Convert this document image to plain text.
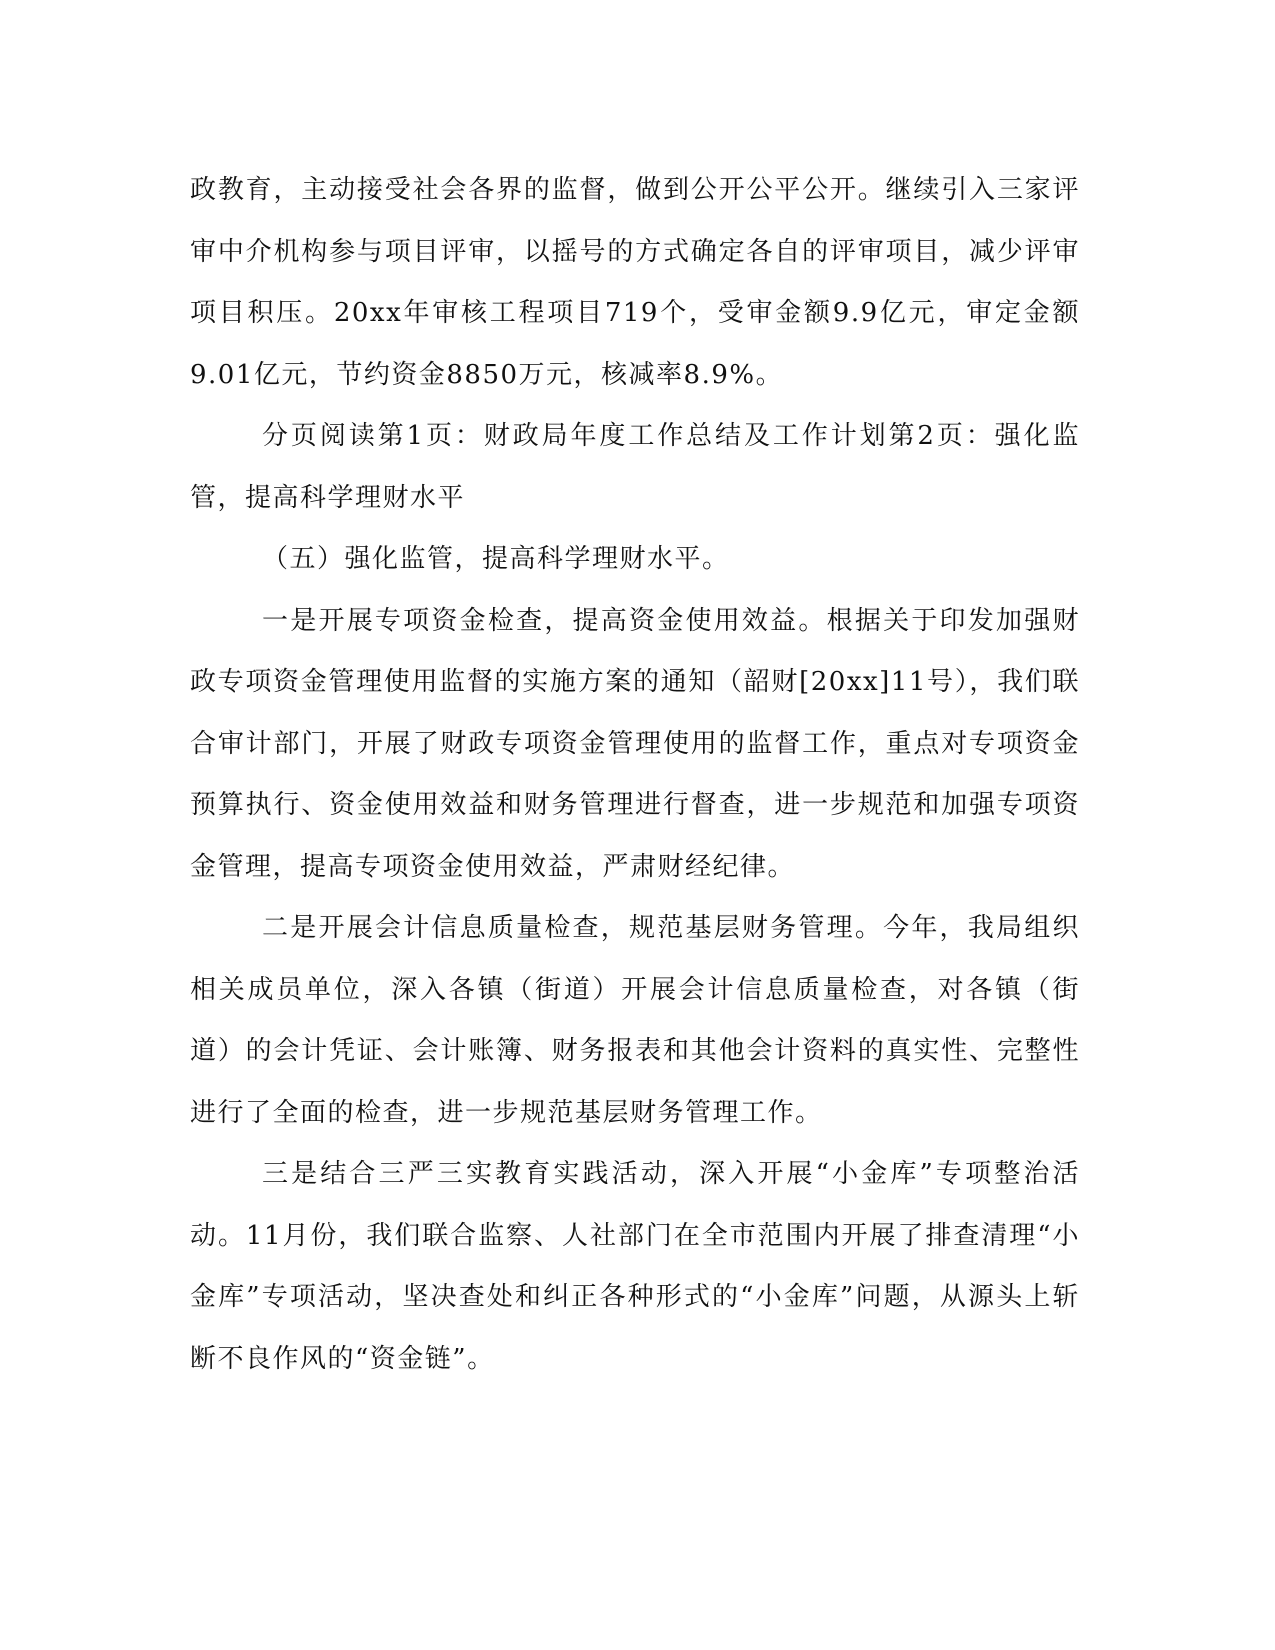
政教育，主动接受社会各界的监督，做到公开公平公开。继续引入三家评审中介机构参与项目评审，以摇号的方式确定各自的评审项目，减少评审项目积压。20xx年审核工程项目719个，受审金额9.9亿元，审定金额9.01亿元，节约资金8850万元，核减率8.9%。

分页阅读第1页：财政局年度工作总结及工作计划第2页：强化监管，提高科学理财水平

（五）强化监管，提高科学理财水平。

一是开展专项资金检查，提高资金使用效益。根据关于印发加强财政专项资金管理使用监督的实施方案的通知（韶财[20xx]11号），我们联合审计部门，开展了财政专项资金管理使用的监督工作，重点对专项资金预算执行、资金使用效益和财务管理进行督查，进一步规范和加强专项资金管理，提高专项资金使用效益，严肃财经纪律。

二是开展会计信息质量检查，规范基层财务管理。今年，我局组织相关成员单位，深入各镇（街道）开展会计信息质量检查，对各镇（街道）的会计凭证、会计账簿、财务报表和其他会计资料的真实性、完整性进行了全面的检查，进一步规范基层财务管理工作。

三是结合三严三实教育实践活动，深入开展“小金库”专项整治活动。11月份，我们联合监察、人社部门在全市范围内开展了排查清理“小金库”专项活动，坚决查处和纠正各种形式的“小金库”问题，从源头上斩断不良作风的“资金链”。
